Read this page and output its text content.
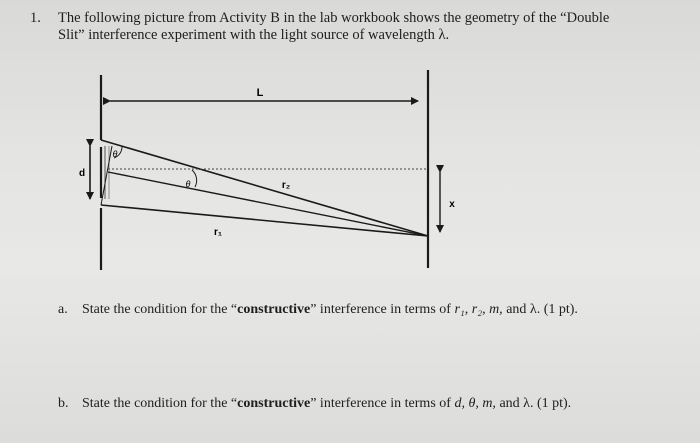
1. The following picture from Activity B in the lab workbook shows the geometry of the “Double
Slit” interference experiment with the light source of wavelength λ.
L
d
θ
θ	r₂
r₁
x
a. State the condition for the “constructive” interference in terms of r₁, r₂, m, and λ. (1 pt).
b. State the condition for the “constructive” interference in terms of d, θ, m, and λ. (1 pt).
